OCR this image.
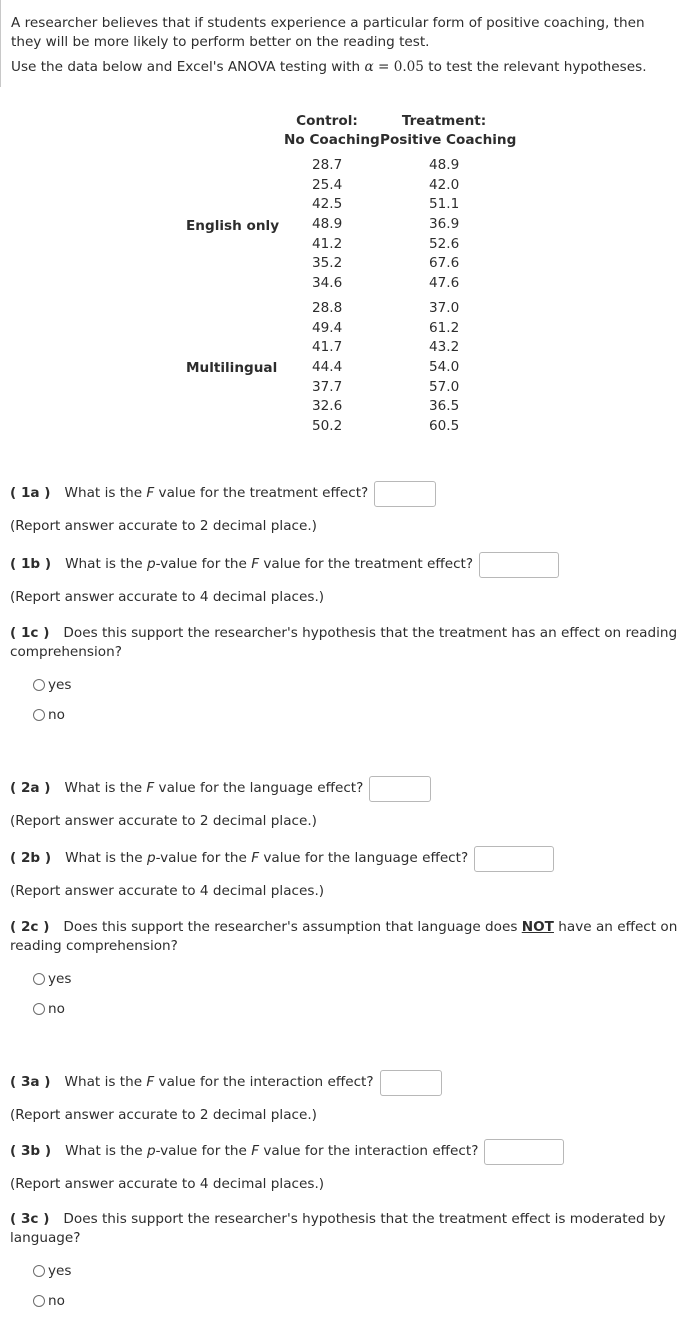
A researcher believes that if students experience a particular form of positive coaching, then they will be more likely to perform better on the reading test.

Use the data below and Excel's ANOVA testing with α = 0.05 to test the relevant hypotheses.

Control:
No Coaching
Treatment:
Positive Coaching
English only
28.7
25.4
42.5
48.9
41.2
35.2
34.6
48.9
42.0
51.1
36.9
52.6
67.6
47.6
Multilingual
28.8
49.4
41.7
44.4
37.7
32.6
50.2
37.0
61.2
43.2
54.0
57.0
36.5
60.5
( 1a ) What is the F value for the treatment effect?
(Report answer accurate to 2 decimal place.)
( 1b ) What is the p-value for the F value for the treatment effect?
(Report answer accurate to 4 decimal places.)
( 1c ) Does this support the researcher's hypothesis that the treatment has an effect on reading comprehension?
yes
no
( 2a ) What is the F value for the language effect?
(Report answer accurate to 2 decimal place.)
( 2b ) What is the p-value for the F value for the language effect?
(Report answer accurate to 4 decimal places.)
( 2c ) Does this support the researcher's assumption that language does NOT have an effect on reading comprehension?
yes
no
( 3a ) What is the F value for the interaction effect?
(Report answer accurate to 2 decimal place.)
( 3b ) What is the p-value for the F value for the interaction effect?
(Report answer accurate to 4 decimal places.)
( 3c ) Does this support the researcher's hypothesis that the treatment effect is moderated by language?
yes
no
